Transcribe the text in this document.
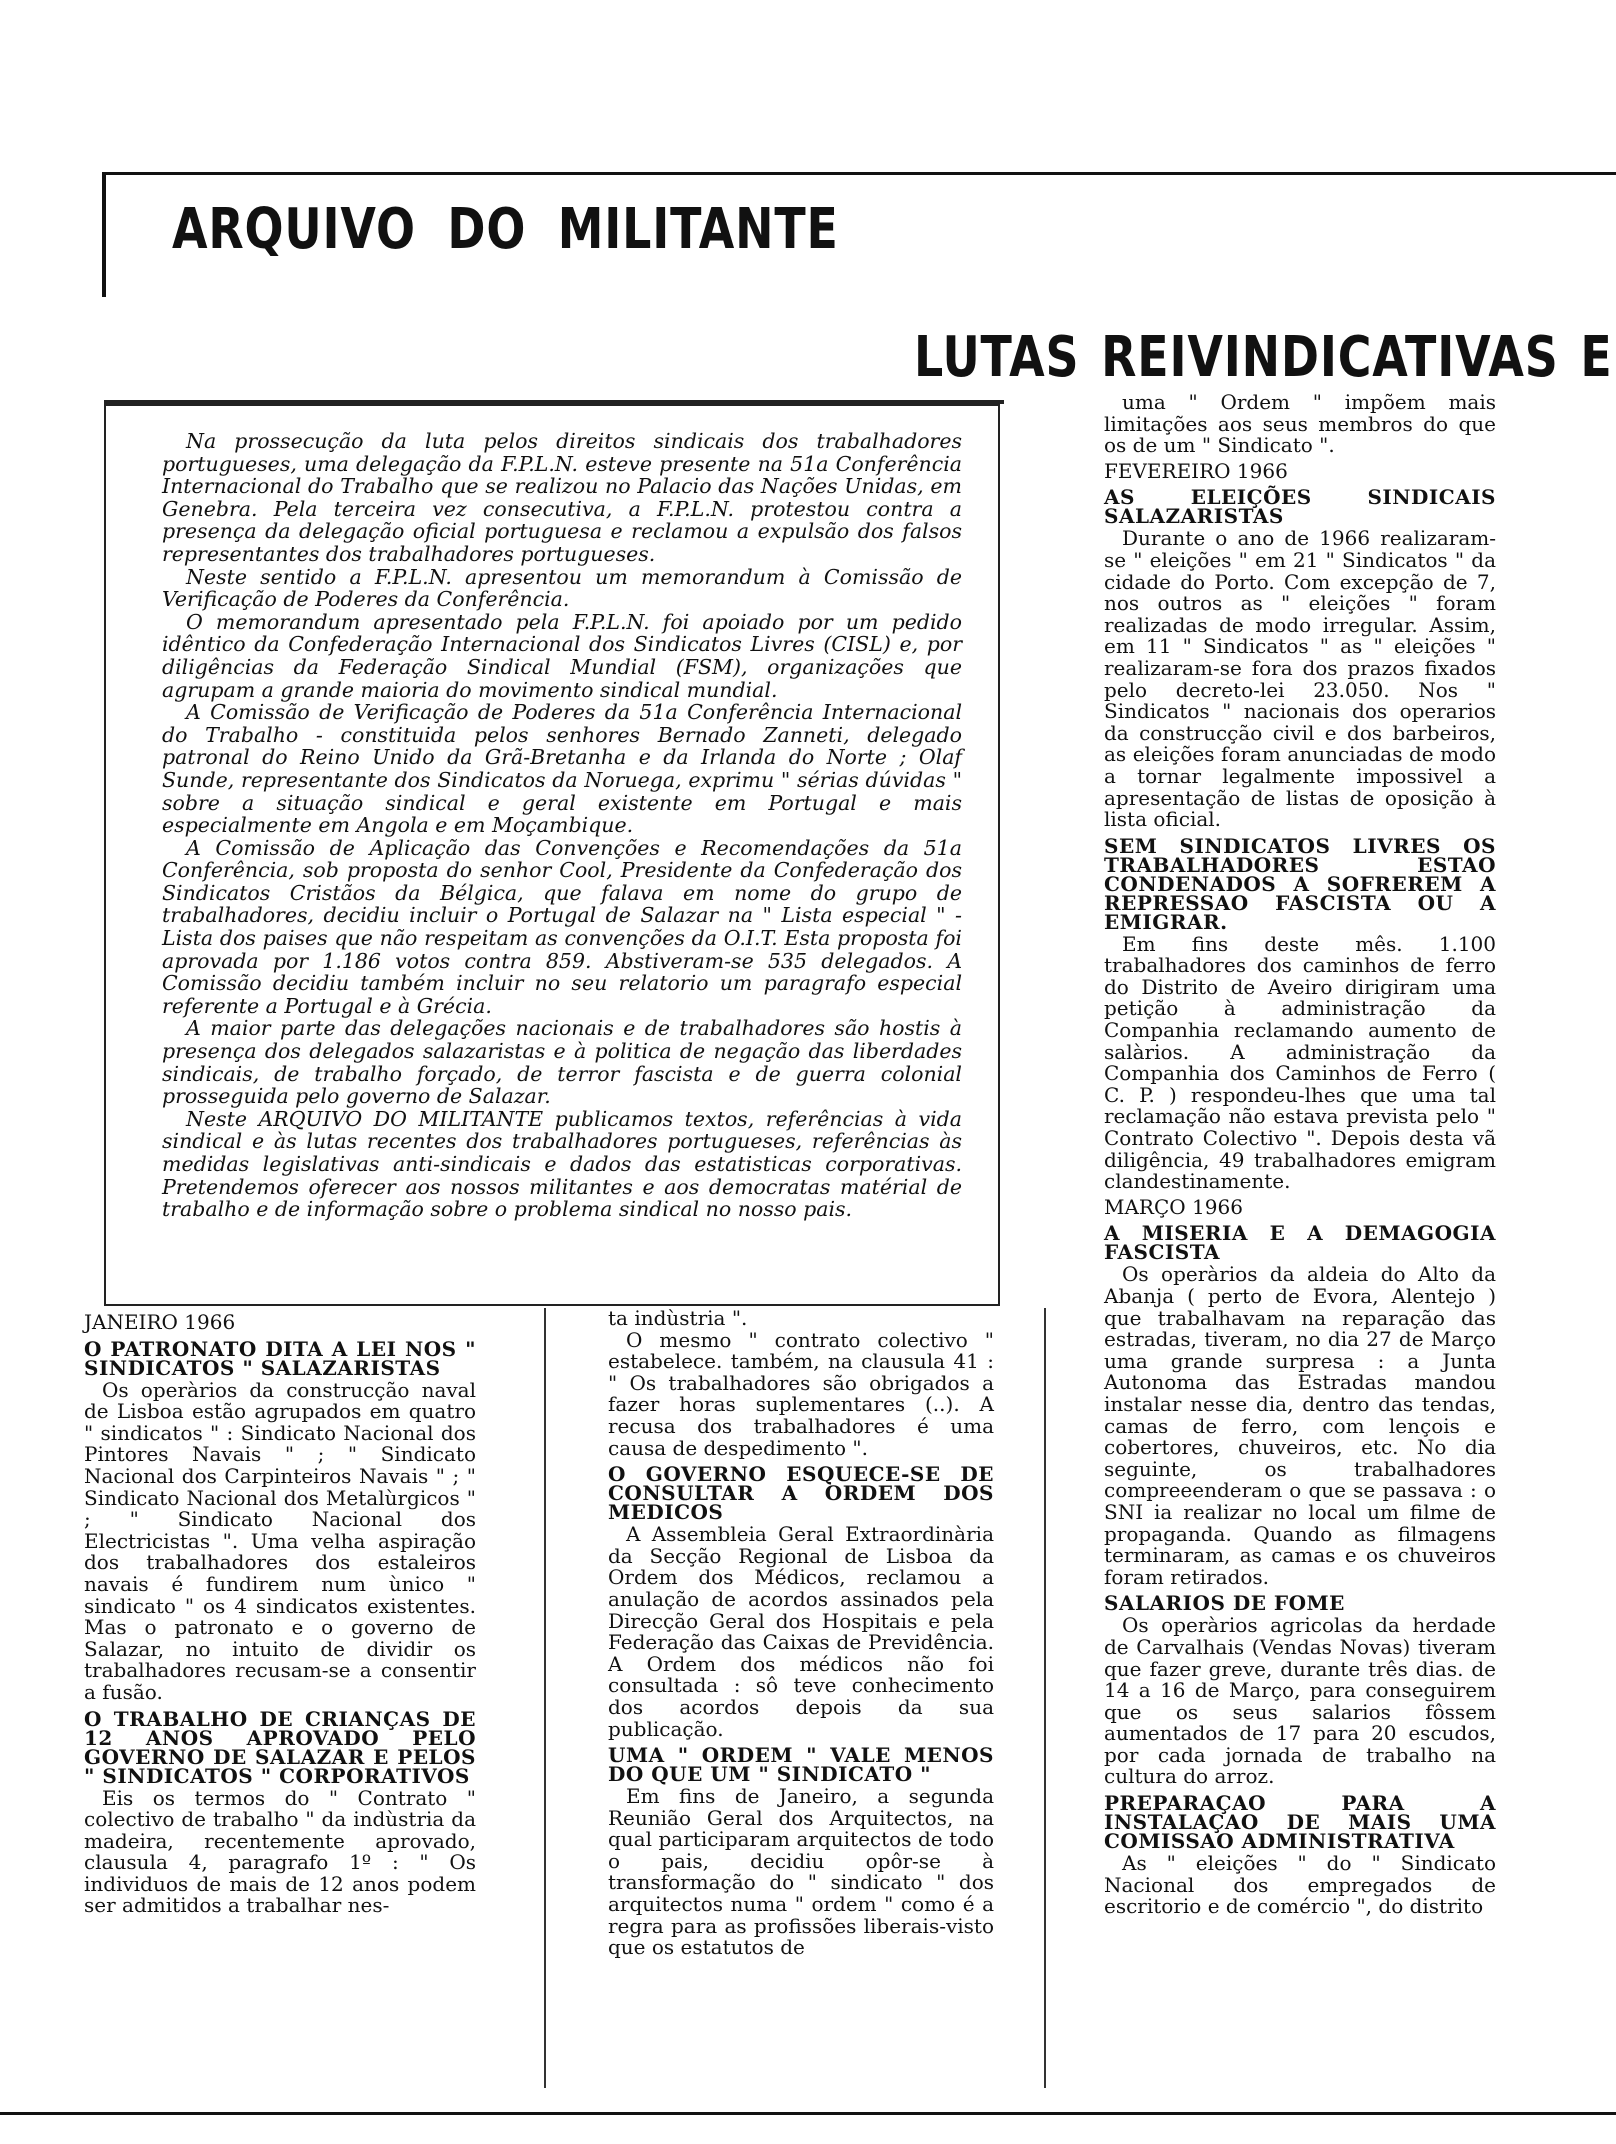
ARQUIVO DO MILITANTE
LUTAS REIVINDICATIVAS E

Na prossecução da luta pelos direitos sindicais dos trabalhadores portugueses, uma delegação da F.P.L.N. esteve presente na 51a Conferência Internacional do Trabalho que se realizou no Palacio das Nações Unidas, em Genebra. Pela terceira vez consecutiva, a F.P.L.N. protestou contra a presença da delegação oficial portuguesa e reclamou a expulsão dos falsos representantes dos trabalhadores portugueses.

Neste sentido a F.P.L.N. apresentou um memorandum à Comissão de Verificação de Poderes da Conferência.

O memorandum apresentado pela F.P.L.N. foi apoiado por um pedido idêntico da Confederação Internacional dos Sindicatos Livres (CISL) e, por diligências da Federação Sindical Mundial (FSM), organizações que agrupam a grande maioria do movimento sindical mundial.

A Comissão de Verificação de Poderes da 51a Conferência Internacional do Trabalho - constituida pelos senhores Bernado Zanneti, delegado patronal do Reino Unido da Grã-Bretanha e da Irlanda do Norte ; Olaf Sunde, representante dos Sindicatos da Noruega, exprimu " sérias dúvidas " sobre a situação sindical e geral existente em Portugal e mais especialmente em Angola e em Moçambique.

A Comissão de Aplicação das Convenções e Recomendações da 51a Conferência, sob proposta do senhor Cool, Presidente da Confederação dos Sindicatos Cristãos da Bélgica, que falava em nome do grupo de trabalhadores, decidiu incluir o Portugal de Salazar na " Lista especial " - Lista dos paises que não respeitam as convenções da O.I.T. Esta proposta foi aprovada por 1.186 votos contra 859. Abstiveram-se 535 delegados. A Comissão decidiu também incluir no seu relatorio um paragrafo especial referente a Portugal e à Grécia.

A maior parte das delegações nacionais e de trabalhadores são hostis à presença dos delegados salazaristas e à politica de negação das liberdades sindicais, de trabalho forçado, de terror fascista e de guerra colonial prosseguida pelo governo de Salazar.

Neste ARQUIVO DO MILITANTE publicamos textos, referências à vida sindical e às lutas recentes dos trabalhadores portugueses, referências às medidas legislativas anti-sindicais e dados das estatisticas corporativas. Pretendemos oferecer aos nossos militantes e aos democratas matérial de trabalho e de informação sobre o problema sindical no nosso pais.

JANEIRO 1966

O PATRONATO DITA A LEI NOS " SINDICATOS " SALAZARISTAS

Os operàrios da construcção naval de Lisboa estão agrupados em quatro " sindicatos " : Sindicato Nacional dos Pintores Navais " ; " Sindicato Nacional dos Carpinteiros Navais " ; " Sindicato Nacional dos Metalùrgicos " ; " Sindicato Nacional dos Electricistas ". Uma velha aspiração dos trabalhadores dos estaleiros navais é fundirem num ùnico " sindicato " os 4 sindicatos existentes. Mas o patronato e o governo de Salazar, no intuito de dividir os trabalhadores recusam-se a consentir a fusão.

O TRABALHO DE CRIANÇAS DE 12 ANOS APROVADO PELO GOVERNO DE SALAZAR E PELOS " SINDICATOS " CORPORATIVOS

Eis os termos do " Contrato " colectivo de trabalho " da indùstria da madeira, recentemente aprovado, clausula 4, paragrafo 1º : " Os individuos de mais de 12 anos podem ser admitidos a trabalhar nes-

ta indùstria ".

O mesmo " contrato colectivo " estabelece. também, na clausula 41 : " Os trabalhadores são obrigados a fazer horas suplementares (..). A recusa dos trabalhadores é uma causa de despedimento ".

O GOVERNO ESQUECE-SE DE CONSULTAR A ORDEM DOS MEDICOS

A Assembleia Geral Extraordinària da Secção Regional de Lisboa da Ordem dos Médicos, reclamou a anulação de acordos assinados pela Direcção Geral dos Hospitais e pela Federação das Caixas de Previdência. A Ordem dos médicos não foi consultada : sô teve conhecimento dos acordos depois da sua publicação.

UMA " ORDEM " VALE MENOS DO QUE UM " SINDICATO "

Em fins de Janeiro, a segunda Reunião Geral dos Arquitectos, na qual participaram arquitectos de todo o pais, decidiu opôr-se à transformação do " sindicato " dos arquitectos numa " ordem " como é a regra para as profissões liberais-visto que os estatutos de

uma " Ordem " impõem mais limitações aos seus membros do que os de um " Sindicato ".

FEVEREIRO 1966

AS ELEIÇÕES SINDICAIS SALAZARISTAS

Durante o ano de 1966 realizaram-se " eleições " em 21 " Sindicatos " da cidade do Porto. Com excepção de 7, nos outros as " eleições " foram realizadas de modo irregular. Assim, em 11 " Sindicatos " as " eleições " realizaram-se fora dos prazos fixados pelo decreto-lei 23.050. Nos " Sindicatos " nacionais dos operarios da construcção civil e dos barbeiros, as eleições foram anunciadas de modo a tornar legalmente impossivel a apresentação de listas de oposição à lista oficial.

SEM SINDICATOS LIVRES OS TRABALHADORES ESTAO CONDENADOS A SOFREREM A REPRESSAO FASCISTA OU A EMIGRAR.

Em fins deste mês. 1.100 trabalhadores dos caminhos de ferro do Distrito de Aveiro dirigiram uma petição à administração da Companhia reclamando aumento de salàrios. A administração da Companhia dos Caminhos de Ferro ( C. P. ) respondeu-lhes que uma tal reclamação não estava prevista pelo " Contrato Colectivo ". Depois desta vã diligência, 49 trabalhadores emigram clandestinamente.

MARÇO 1966

A MISERIA E A DEMAGOGIA FASCISTA

Os operàrios da aldeia do Alto da Abanja ( perto de Evora, Alentejo ) que trabalhavam na reparação das estradas, tiveram, no dia 27 de Março uma grande surpresa : a Junta Autonoma das Estradas mandou instalar nesse dia, dentro das tendas, camas de ferro, com lençois e cobertores, chuveiros, etc. No dia seguinte, os trabalhadores compreeenderam o que se passava : o SNI ia realizar no local um filme de propaganda. Quando as filmagens terminaram, as camas e os chuveiros foram retirados.

SALARIOS DE FOME

Os operàrios agricolas da herdade de Carvalhais (Vendas Novas) tiveram que fazer greve, durante três dias. de 14 a 16 de Março, para conseguirem que os seus salarios fôssem aumentados de 17 para 20 escudos, por cada jornada de trabalho na cultura do arroz.

PREPARAÇAO PARA A INSTALAÇAO DE MAIS UMA COMISSAO ADMINISTRATIVA

As " eleições " do " Sindicato Nacional dos empregados de escritorio e de comércio ", do distrito
